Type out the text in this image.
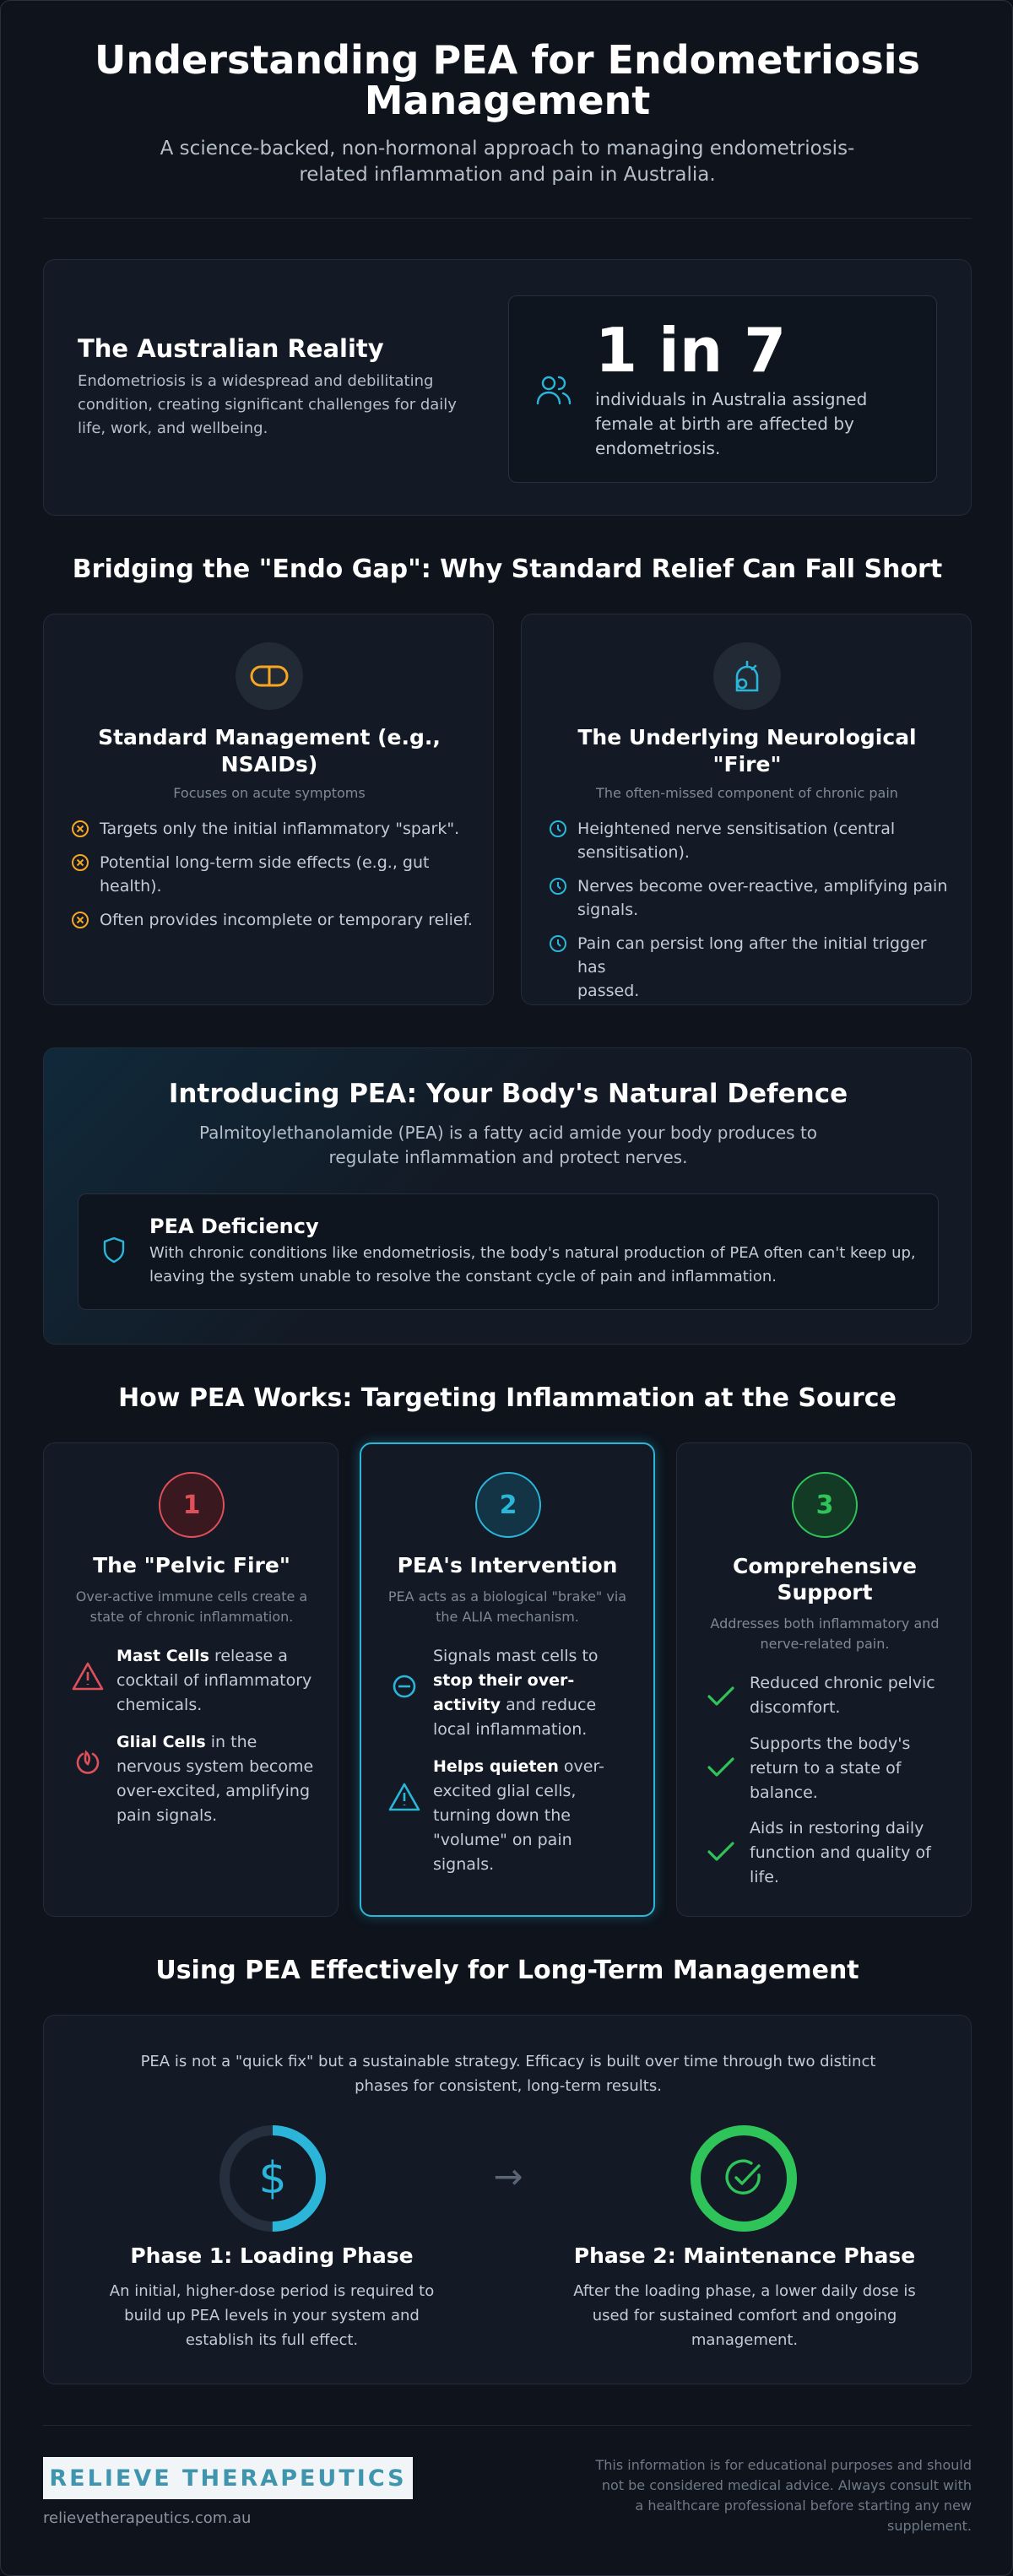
Understanding PEA for Endometriosis
Management
A science-backed, non-hormonal approach to managing endometriosis-
related inflammation and pain in Australia.
The Australian Reality
Endometriosis is a widespread and debilitating
condition, creating significant challenges for daily
life, work, and wellbeing.
1 in 7
individuals in Australia assigned
female at birth are affected by
endometriosis.
Bridging the "Endo Gap": Why Standard Relief Can Fall Short
Standard Management (e.g.,
NSAIDs)
Focuses on acute symptoms
Targets only the initial inflammatory "spark".
Potential long-term side effects (e.g., gut
health).
Often provides incomplete or temporary relief.
The Underlying Neurological
"Fire"
The often-missed component of chronic pain
Heightened nerve sensitisation (central
sensitisation).
Nerves become over-reactive, amplifying pain
signals.
Pain can persist long after the initial trigger has
passed.
Introducing PEA: Your Body's Natural Defence
Palmitoylethanolamide (PEA) is a fatty acid amide your body produces to
regulate inflammation and protect nerves.
PEA Deficiency
With chronic conditions like endometriosis, the body's natural production of PEA often can't keep up,
leaving the system unable to resolve the constant cycle of pain and inflammation.
How PEA Works: Targeting Inflammation at the Source
1
The "Pelvic Fire"
Over-active immune cells create a
state of chronic inflammation.
Mast Cells release a
cocktail of inflammatory
chemicals.
Glial Cells in the
nervous system become
over-excited, amplifying
pain signals.
2
PEA's Intervention
PEA acts as a biological "brake" via
the ALIA mechanism.
Signals mast cells to
stop their over-
activity and reduce
local inflammation.
Helps quieten over-
excited glial cells,
turning down the
"volume" on pain
signals.
3
Comprehensive
Support
Addresses both inflammatory and
nerve-related pain.
Reduced chronic pelvic
discomfort.
Supports the body's
return to a state of
balance.
Aids in restoring daily
function and quality of
life.
Using PEA Effectively for Long-Term Management
PEA is not a "quick fix" but a sustainable strategy. Efficacy is built over time through two distinct
phases for consistent, long-term results.
$
Phase 1: Loading Phase
An initial, higher-dose period is required to
build up PEA levels in your system and
establish its full effect.
→
Phase 2: Maintenance Phase
After the loading phase, a lower daily dose is
used for sustained comfort and ongoing
management.
RELIEVE THERAPEUTICS
relievetherapeutics.com.au
This information is for educational purposes and should
not be considered medical advice. Always consult with
a healthcare professional before starting any new
supplement.
